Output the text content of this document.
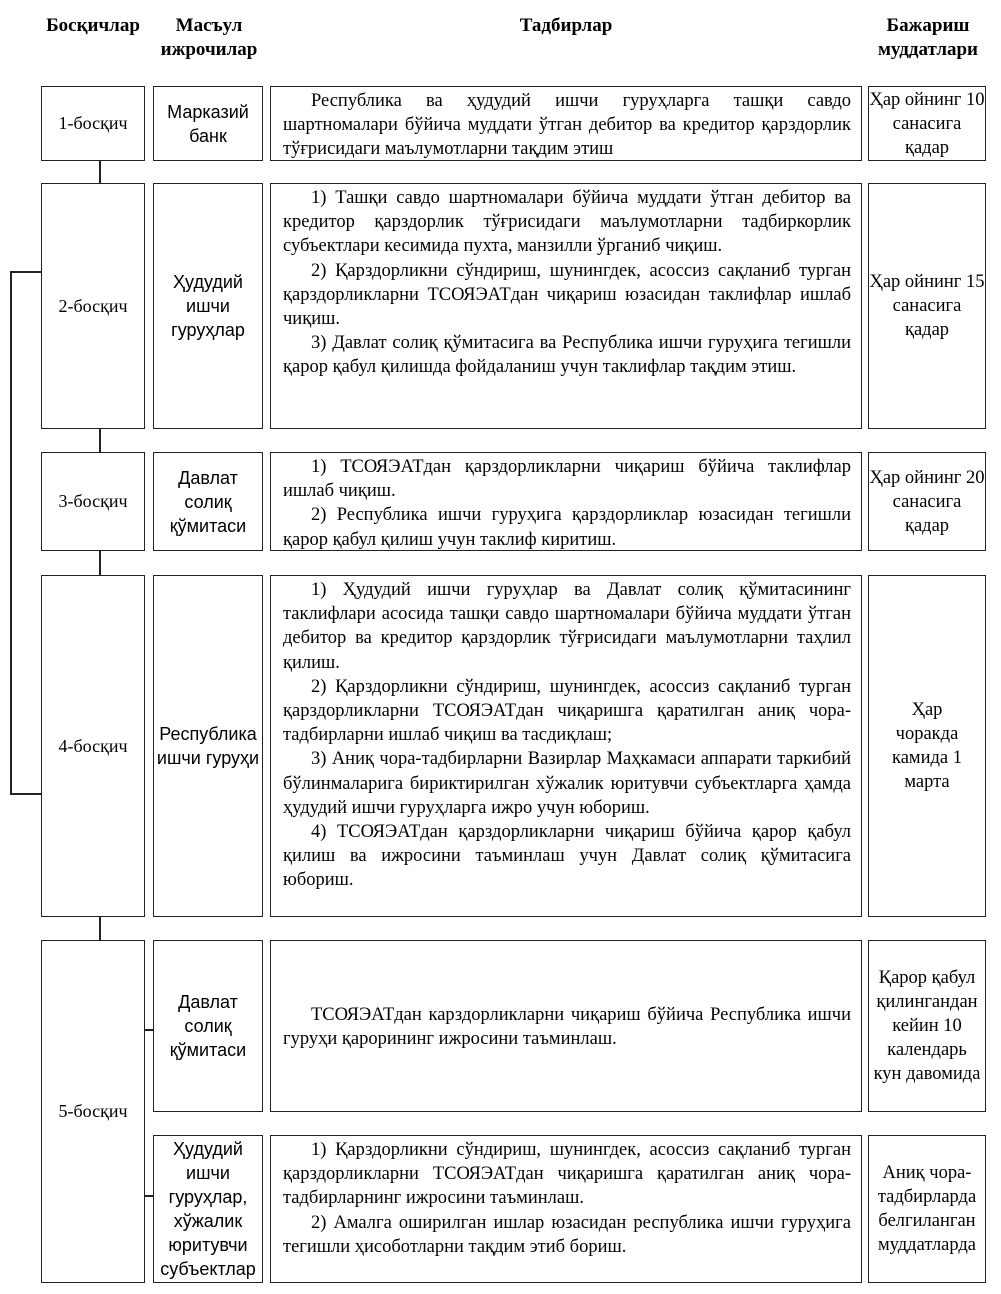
Босқичлар	Масъул ижрочилар
Тадбирлар	Бажариш муддатлари
1-босқич
Марказий банк

Республика ва ҳудудий ишчи гуруҳларга ташқи савдо шартномалари бўйича муддати ўтган дебитор ва кредитор қарздорлик тўғрисидаги маълумотларни тақдим этиш

Ҳар ойнинг 10 санасига қадар
2-босқич
Ҳудудий ишчи гуруҳлар

1) Ташқи савдо шартномалари бўйича муддати ўтган дебитор ва кредитор қарздорлик тўғрисидаги маълумотларни тадбиркорлик субъектлари кесимида пухта, манзилли ўрганиб чиқиш.

2) Қарздорликни сўндириш, шунингдек, асоссиз сақланиб турган қарздорликларни ТСОЯЭАТдан чиқариш юзасидан таклифлар ишлаб чиқиш.

3) Давлат солиқ қўмитасига ва Республика ишчи гуруҳига тегишли қарор қабул қилишда фойдаланиш учун таклифлар тақдим этиш.

Ҳар ойнинг 15 санасига қадар
3-босқич
Давлат солиқ қўмитаси

1) ТСОЯЭАТдан қарздорликларни чиқариш бўйича таклифлар ишлаб чиқиш.

2) Республика ишчи гуруҳига қарздорликлар юзасидан тегишли қарор қабул қилиш учун таклиф киритиш.

Ҳар ойнинг 20 санасига қадар
4-босқич
Республика ишчи гуруҳи

1) Ҳудудий ишчи гуруҳлар ва Давлат солиқ қўмитасининг таклифлари асосида ташқи савдо шартномалари бўйича муддати ўтган дебитор ва кредитор қарздорлик тўғрисидаги маълумотларни таҳлил қилиш.

2) Қарздорликни сўндириш, шунингдек, асоссиз сақланиб турган қарздорликларни ТСОЯЭАТдан чиқаришга қаратилган аниқ чора-тадбирларни ишлаб чиқиш ва тасдиқлаш;

3) Аниқ чора-тадбирларни Вазирлар Маҳкамаси аппарати таркибий бўлинмаларига бириктирилган хўжалик юритувчи субъектларга ҳамда ҳудудий ишчи гуруҳларга ижро учун юбориш.

4) ТСОЯЭАТдан қарздорликларни чиқариш бўйича қарор қабул қилиш ва ижросини таъминлаш учун Давлат солиқ қўмитасига юбориш.

Ҳар чоракда камида 1 марта
5-босқич
Давлат солиқ қўмитаси

ТСОЯЭАТдан карздорликларни чиқариш бўйича Республика ишчи гуруҳи қарорининг ижросини таъминлаш.

Қарор қабул қилингандан кейин 10 календарь кун давомида
Ҳудудий ишчи гуруҳлар, хўжалик юритувчи субъектлар

1) Қарздорликни сўндириш, шунингдек, асоссиз сақланиб турган қарздорликларни ТСОЯЭАТдан чиқаришга қаратилган аниқ чора-тадбирларнинг ижросини таъминлаш.

2) Амалга оширилган ишлар юзасидан республика ишчи гуруҳига тегишли ҳисоботларни тақдим этиб бориш.

Аниқ чора-тадбирларда белгиланган муддатларда
